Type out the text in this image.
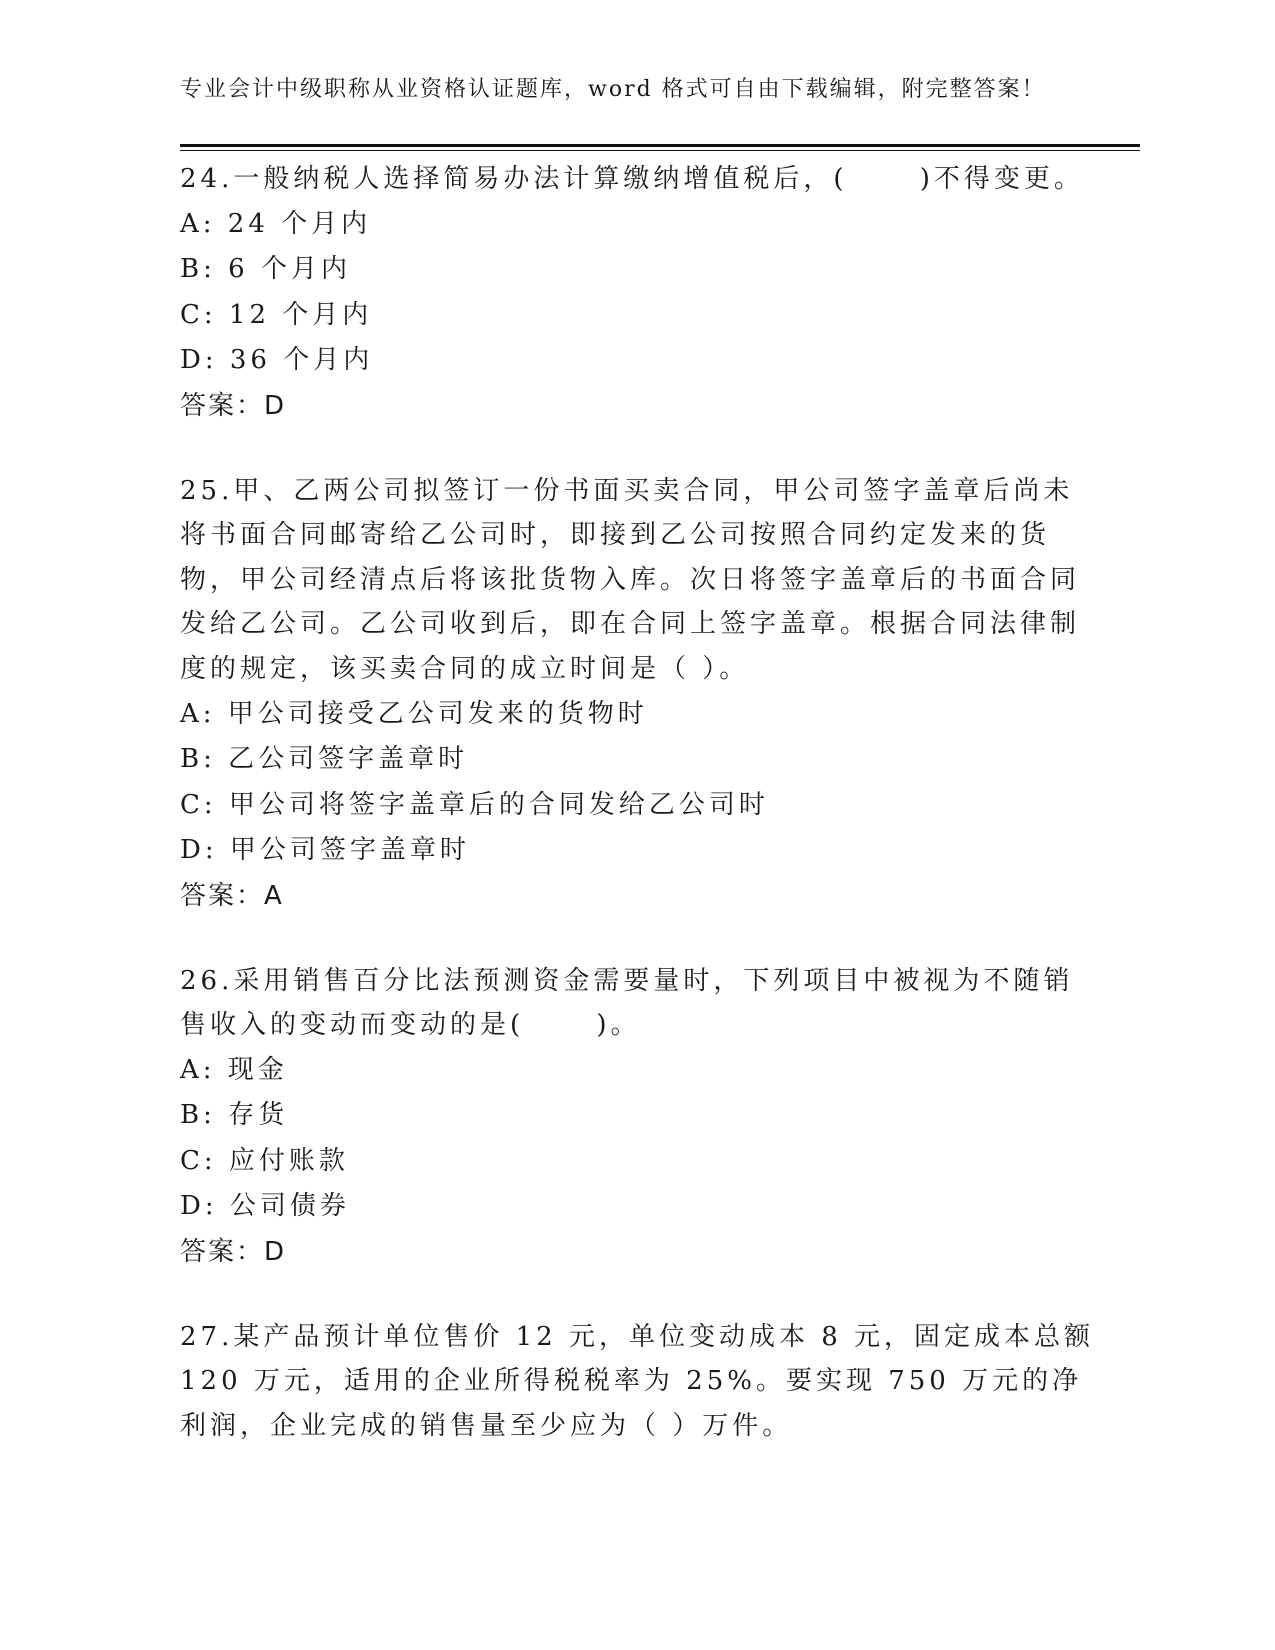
专业会计中级职称从业资格认证题库，word 格式可自由下载编辑，附完整答案！
24.一般纳税人选择简易办法计算缴纳增值税后，(　 　)不得变更。
A: 24 个月内
B: 6 个月内
C: 12 个月内
D: 36 个月内
答案：D
25.甲、乙两公司拟签订一份书面买卖合同，甲公司签字盖章后尚未将书面合同邮寄给乙公司时，即接到乙公司按照合同约定发来的货物，甲公司经清点后将该批货物入库。次日将签字盖章后的书面合同发给乙公司。乙公司收到后，即在合同上签字盖章。根据合同法律制度的规定，该买卖合同的成立时间是（ ）。
A: 甲公司接受乙公司发来的货物时
B: 乙公司签字盖章时
C: 甲公司将签字盖章后的合同发给乙公司时
D: 甲公司签字盖章时
答案：A
26.采用销售百分比法预测资金需要量时，下列项目中被视为不随销售收入的变动而变动的是(　 　)。
A: 现金
B: 存货
C: 应付账款
D: 公司债券
答案：D
27.某产品预计单位售价 12 元，单位变动成本 8 元，固定成本总额 120 万元，适用的企业所得税税率为 25%。要实现 750 万元的净利润，企业完成的销售量至少应为（ ）万件。
